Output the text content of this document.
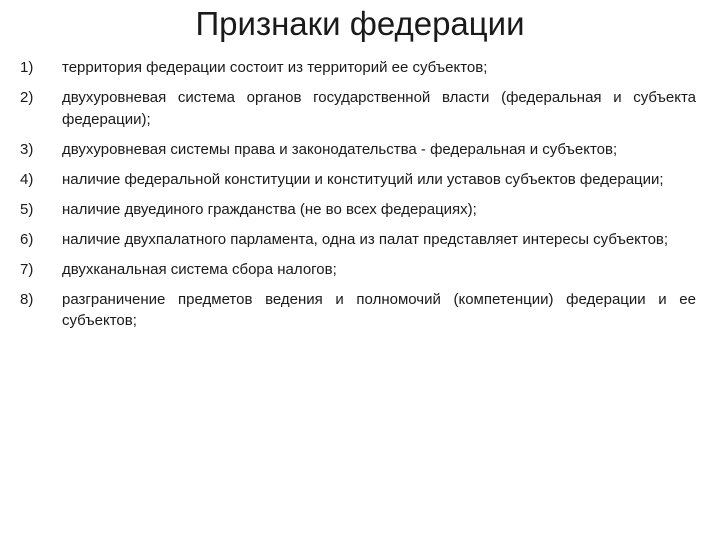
Признаки федерации
1)	территория федерации состоит из территорий ее субъектов;
2)	двухуровневая система органов государственной власти (федеральная и субъекта федерации);
3)	двухуровневая системы права и законодательства - федеральная и субъектов;
4)	наличие федеральной конституции и конституций или уставов субъектов федерации;
5)	наличие двуединого гражданства (не во всех федерациях);
6)	наличие двухпалатного парламента, одна из палат представляет интересы субъектов;
7)	двухканальная система сбора налогов;
8)	разграничение предметов ведения и полномочий (компетенции) федерации и ее субъектов;
